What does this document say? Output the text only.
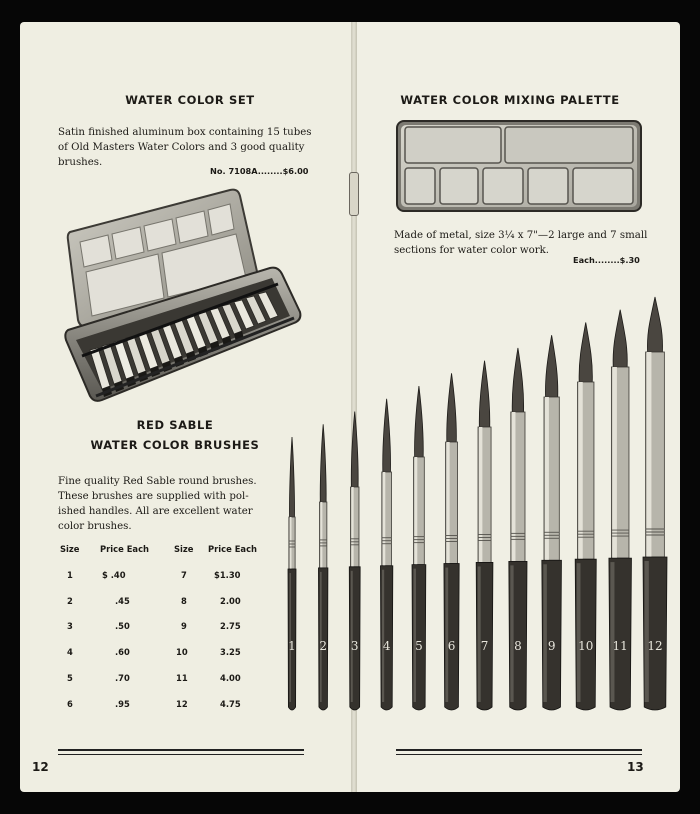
WATER COLOR SET
Satin finished aluminum box containing 15 tubes
of Old Masters Water Colors and 3 good quality
brushes.
No. 7108A........$6.00
RED SABLE
WATER COLOR BRUSHES
Fine quality Red Sable round brushes.
These brushes are supplied with pol-
ished handles. All are excellent water
color brushes.
Size	Price Each	Size	Price Each
1	$ .40	7	$1.30
2	.45	8	2.00
3	.50	9	2.75
4	.60	10	3.25
5	.70	11	4.00
6	.95	12	4.75
12
WATER COLOR MIXING PALETTE
Made of metal, size 3¼ x 7"—2 large and 7 small
sections for water color work.
Each........$.30
1 2 3 4 5 6 7 8 9 10 11 12
13
